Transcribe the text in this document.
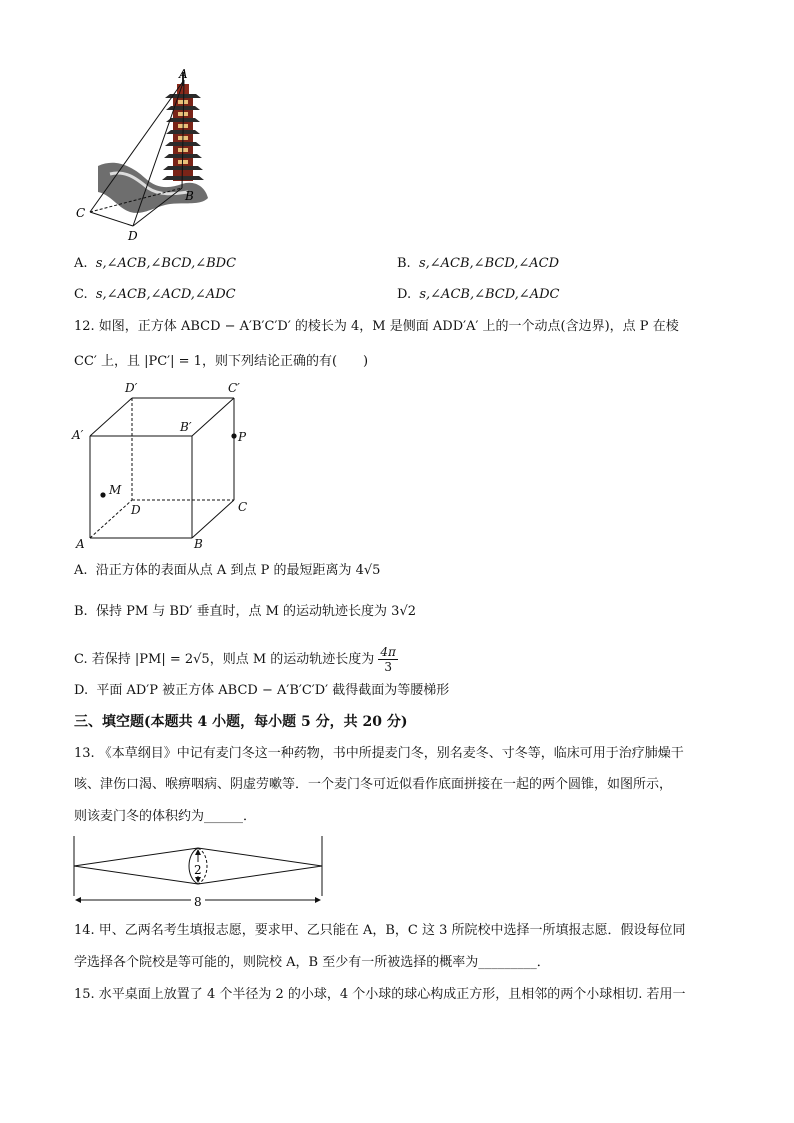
A
B
C
D
A. s,∠ACB,∠BCD,∠BDC	B. s,∠ACB,∠BCD,∠ACD
C. s,∠ACB,∠ACD,∠ADC	D. s,∠ACB,∠BCD,∠ADC
12. 如图，正方体 ABCD − A′B′C′D′ 的棱长为 4，M 是侧面 ADD′A′ 上的一个动点(含边界)，点 P 在棱
CC′ 上，且 |PC′| = 1，则下列结论正确的有(　　)
D′	C′
A′
B′
P
M
D	C
A	B
A. 沿正方体的表面从点 A 到点 P 的最短距离为 4√5
B. 保持 PM 与 BD′ 垂直时，点 M 的运动轨迹长度为 3√2
C.
若保持 |PM| = 2√5，则点 M 的运动轨迹长度为
$\frac{4\pi}{3}$
D. 平面 AD′P 被正方体 ABCD − A′B′C′D′ 截得截面为等腰梯形
三、填空题(本题共 4 小题，每小题 5 分，共 20 分)
13. 《本草纲目》中记有麦门冬这一种药物，书中所提麦门冬，别名麦冬、寸冬等，临床可用于治疗肺燥干
咳、津伤口渴、喉痹咽病、阴虚劳嗽等．一个麦门冬可近似看作底面拼接在一起的两个圆锥，如图所示，
则该麦门冬的体积约为______．
2
8
14. 甲、乙两名考生填报志愿，要求甲、乙只能在 A，B，C 这 3 所院校中选择一所填报志愿．假设每位同
学选择各个院校是等可能的，则院校 A，B 至少有一所被选择的概率为_________．
15. 水平桌面上放置了 4 个半径为 2 的小球，4 个小球的球心构成正方形，且相邻的两个小球相切. 若用一
